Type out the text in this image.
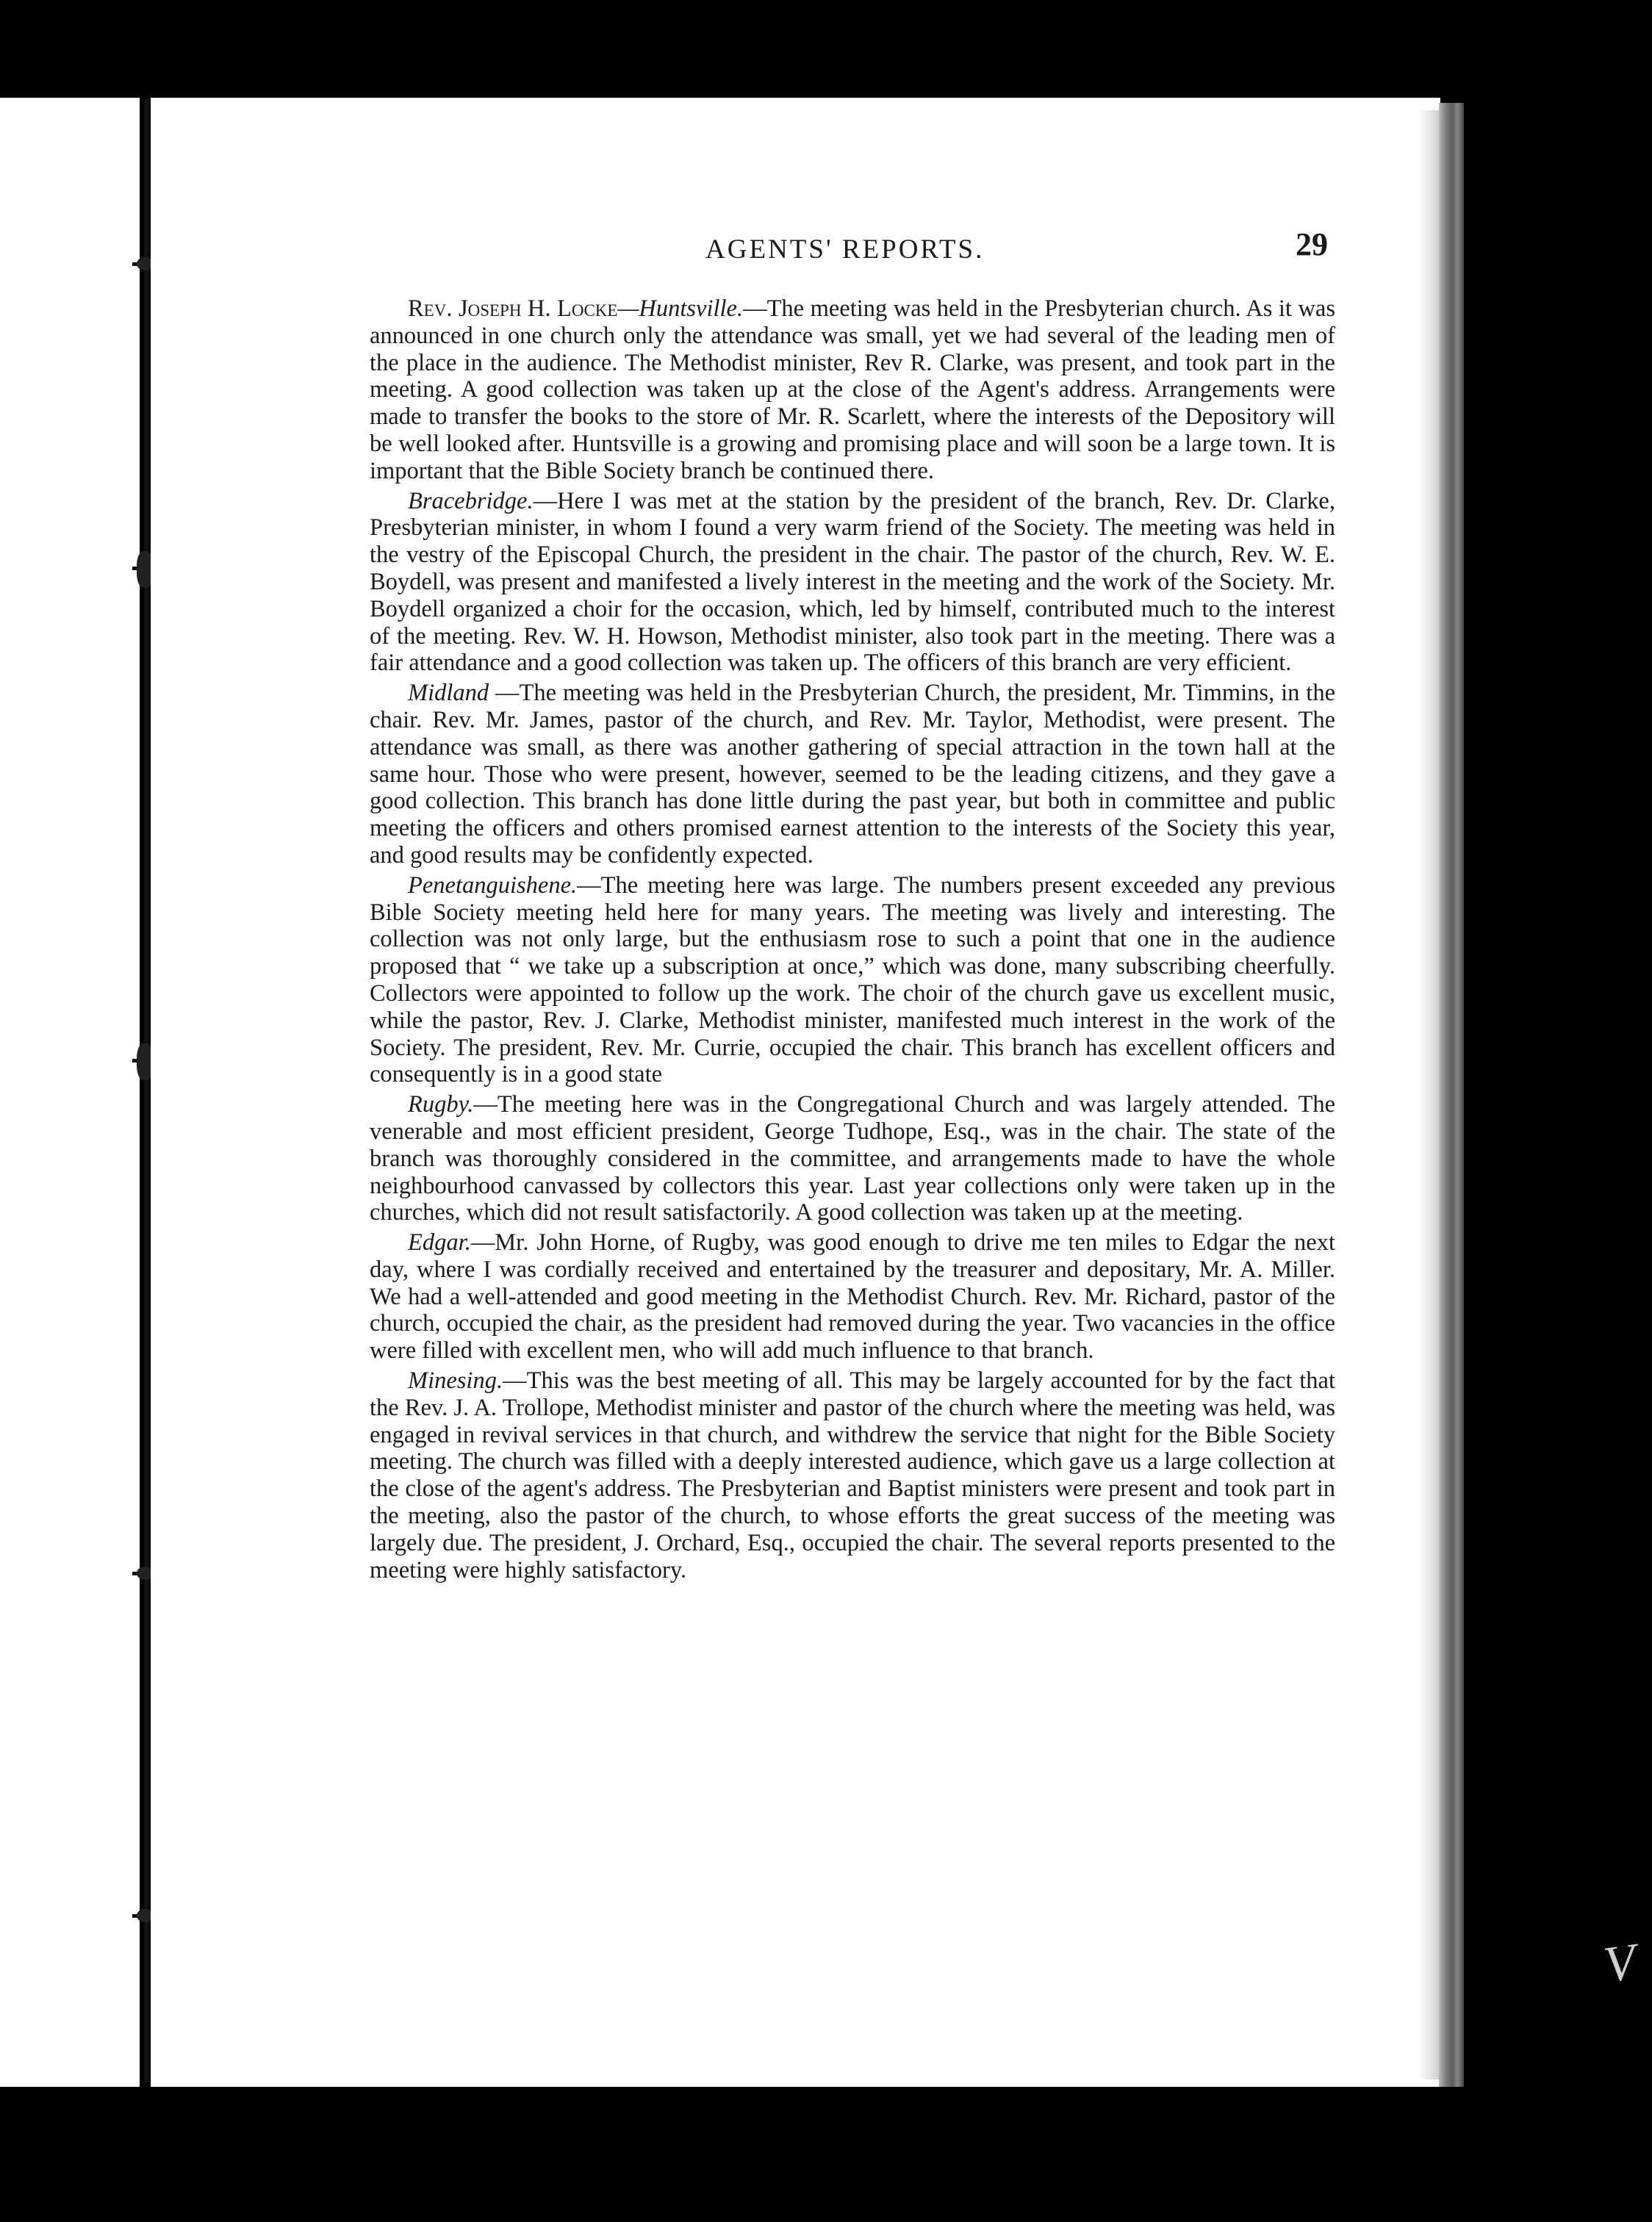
AGENTS' REPORTS.	29

Rev. Joseph H. Locke—Huntsville.—The meeting was held in the Presbyterian church. As it was announced in one church only the attendance was small, yet we had several of the leading men of the place in the audience. The Methodist minister, Rev R. Clarke, was present, and took part in the meeting. A good collection was taken up at the close of the Agent's address. Arrangements were made to transfer the books to the store of Mr. R. Scarlett, where the interests of the Depository will be well looked after. Huntsville is a growing and promising place and will soon be a large town. It is important that the Bible Society branch be continued there.

Bracebridge.—Here I was met at the station by the president of the branch, Rev. Dr. Clarke, Presbyterian minister, in whom I found a very warm friend of the Society. The meeting was held in the vestry of the Episcopal Church, the president in the chair. The pastor of the church, Rev. W. E. Boydell, was present and manifested a lively interest in the meeting and the work of the Society. Mr. Boydell organized a choir for the occasion, which, led by himself, contributed much to the interest of the meeting. Rev. W. H. Howson, Methodist minister, also took part in the meeting. There was a fair attendance and a good collection was taken up. The officers of this branch are very efficient.

Midland —The meeting was held in the Presbyterian Church, the president, Mr. Timmins, in the chair. Rev. Mr. James, pastor of the church, and Rev. Mr. Taylor, Methodist, were present. The attendance was small, as there was another gathering of special attraction in the town hall at the same hour. Those who were present, however, seemed to be the leading citizens, and they gave a good collection. This branch has done little during the past year, but both in committee and public meeting the officers and others promised earnest attention to the interests of the Society this year, and good results may be confidently expected.

Penetanguishene.—The meeting here was large. The numbers present exceeded any previous Bible Society meeting held here for many years. The meeting was lively and interesting. The collection was not only large, but the enthusiasm rose to such a point that one in the audience proposed that “ we take up a subscription at once,” which was done, many subscribing cheerfully. Collectors were appointed to follow up the work. The choir of the church gave us excellent music, while the pastor, Rev. J. Clarke, Methodist minister, manifested much interest in the work of the Society. The president, Rev. Mr. Currie, occupied the chair. This branch has excellent officers and consequently is in a good state

Rugby.—The meeting here was in the Congregational Church and was largely attended. The venerable and most efficient president, George Tudhope, Esq., was in the chair. The state of the branch was thoroughly considered in the committee, and arrangements made to have the whole neighbourhood canvassed by collectors this year. Last year collections only were taken up in the churches, which did not result satisfactorily. A good collection was taken up at the meeting.

Edgar.—Mr. John Horne, of Rugby, was good enough to drive me ten miles to Edgar the next day, where I was cordially received and entertained by the treasurer and depositary, Mr. A. Miller. We had a well-attended and good meeting in the Methodist Church. Rev. Mr. Richard, pastor of the church, occupied the chair, as the president had removed during the year. Two vacancies in the office were filled with excellent men, who will add much influence to that branch.

Minesing.—This was the best meeting of all. This may be largely accounted for by the fact that the Rev. J. A. Trollope, Methodist minister and pastor of the church where the meeting was held, was engaged in revival services in that church, and withdrew the service that night for the Bible Society meeting. The church was filled with a deeply interested audience, which gave us a large collection at the close of the agent's address. The Presbyterian and Baptist ministers were present and took part in the meeting, also the pastor of the church, to whose efforts the great success of the meeting was largely due. The president, J. Orchard, Esq., occupied the chair. The several reports presented to the meeting were highly satisfactory.

V
